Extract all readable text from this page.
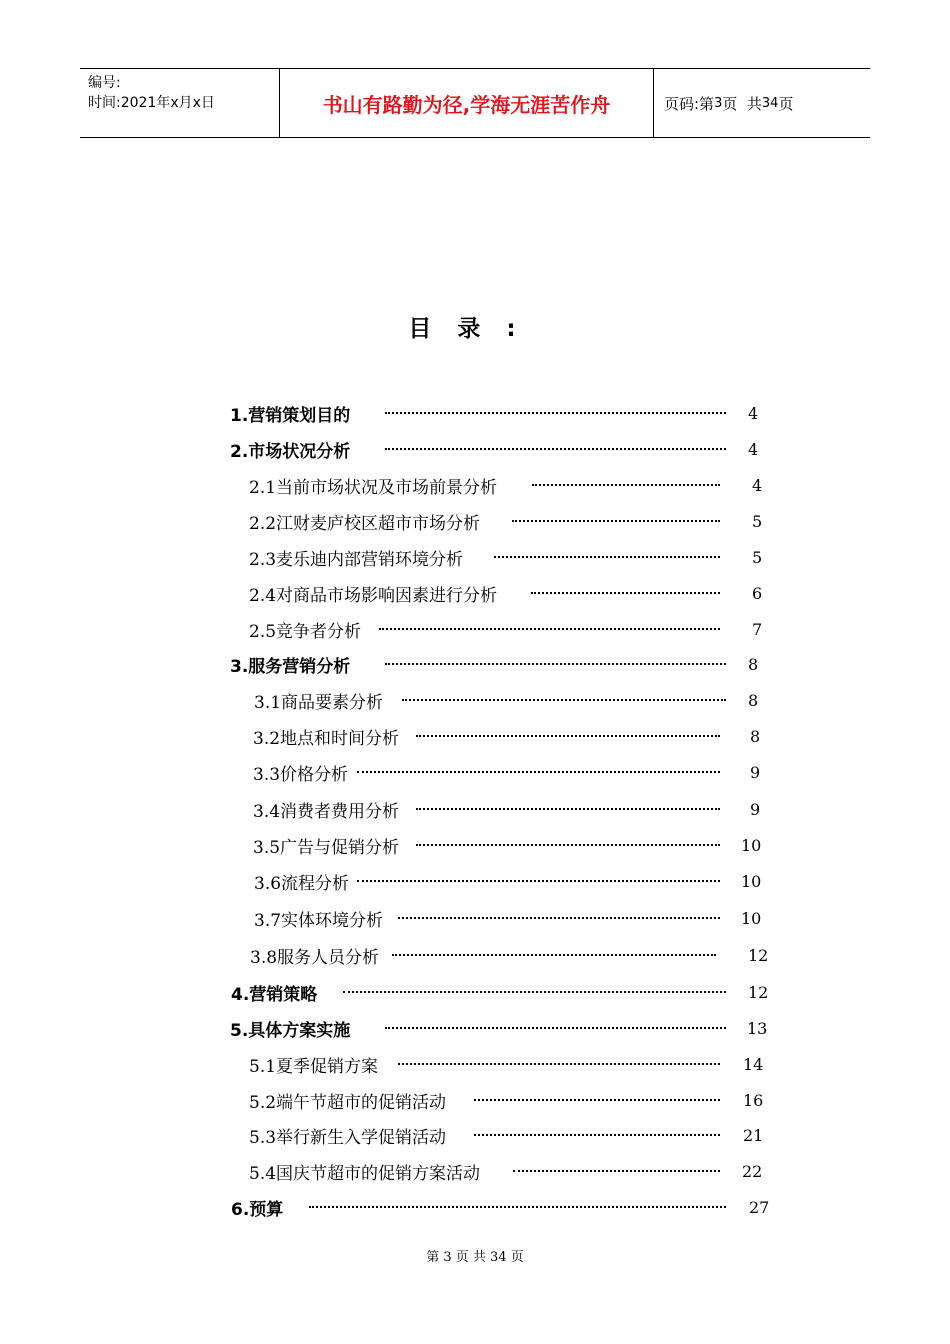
编号:
时间:2021年x月x日	书山有路勤为径,学海无涯苦作舟	页码:第 3 页  共 34 页
目录:
1.营销策划目的	4
2.市场状况分析	4
2.1当前市场状况及市场前景分析	4
2.2江财麦庐校区超市市场分析	5
2.3麦乐迪内部营销环境分析	5
2.4对商品市场影响因素进行分析	6
2.5竞争者分析	7
3.服务营销分析	8
3.1商品要素分析	8
3.2地点和时间分析	8
3.3价格分析	9
3.4消费者费用分析	9
3.5广告与促销分析	10
3.6流程分析	10
3.7实体环境分析	10
3.8服务人员分析	12
4.营销策略	12
5.具体方案实施	13
5.1夏季促销方案	14
5.2端午节超市的促销活动	16
5.3举行新生入学促销活动	21
5.4国庆节超市的促销方案活动	22
6.预算	27
第 3 页 共 34 页
